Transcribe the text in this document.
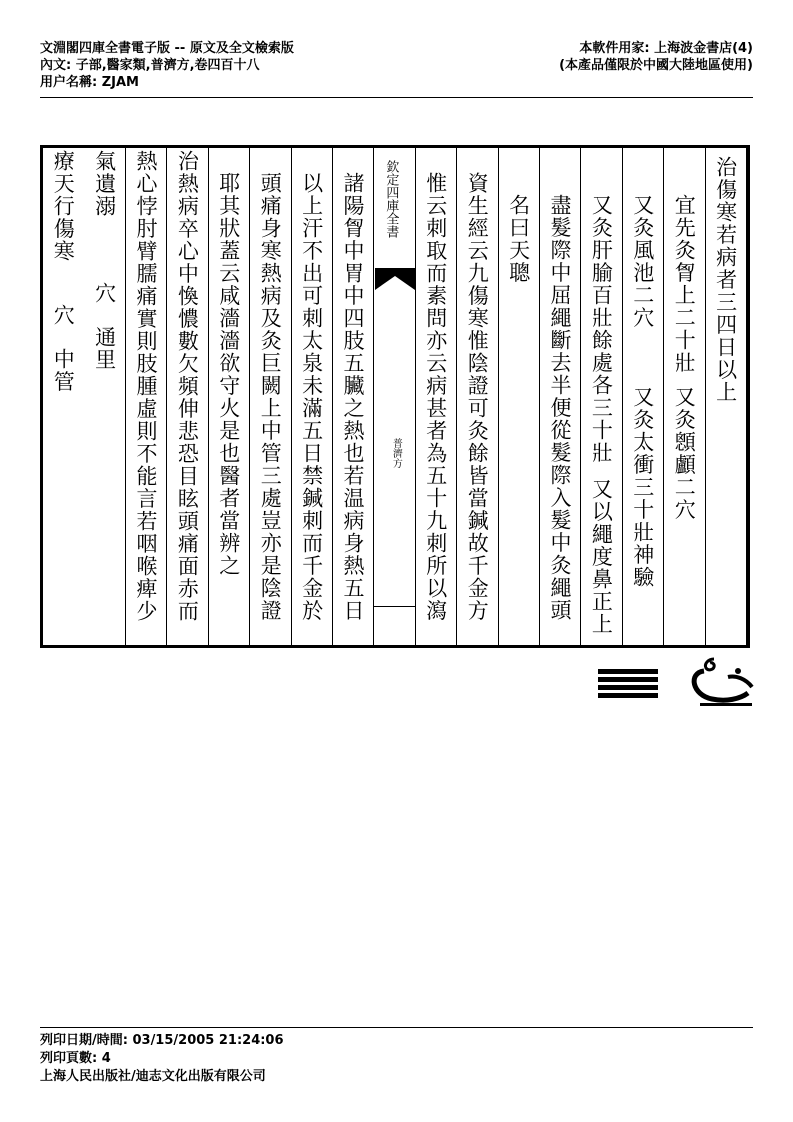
文淵閣四庫全書電子版 -- 原文及全文檢索版
內文: 子部,醫家類,普濟方,卷四百十八
用户名稱: ZJAM
本軟件用家: 上海波金書店(4)
(本產品僅限於中國大陸地區使用)
治傷寒若病者三四日以上
宜先灸胷上二十壯
又灸顖顱二穴
又灸風池二穴
又灸太衝三十壯神驗
又灸肝腧百壯餘處各三十壯
又以繩度鼻正上
盡髮際中屈繩斷去半便從髮際入髮中灸繩頭
名曰天聰
資生經云九傷寒惟陰證可灸餘皆當鍼故千金方
惟云刺取而素問亦云病甚者為五十九刺所以瀉
欽定四庫全書
普濟方
諸陽胷中胃中四肢五臟之熱也若温病身熱五日
以上汗不出可刺太泉未滿五日禁鍼刺而千金於
頭痛身寒熱病及灸巨闕上中管三處豈亦是陰證
耶其狀蓋云咸濇濇欲守火是也醫者當辨之
治熱病卒心中愌憹數欠頻伸悲恐目眩頭痛面赤而
熱心悖肘臂臑痛實則肢腫虛則不能言若咽喉痺少
氣遺溺
穴
通里
療天行傷寒
穴
中管
列印日期/時間: 03/15/2005 21:24:06
列印頁數: 4
上海人民出版社/迪志文化出版有限公司
